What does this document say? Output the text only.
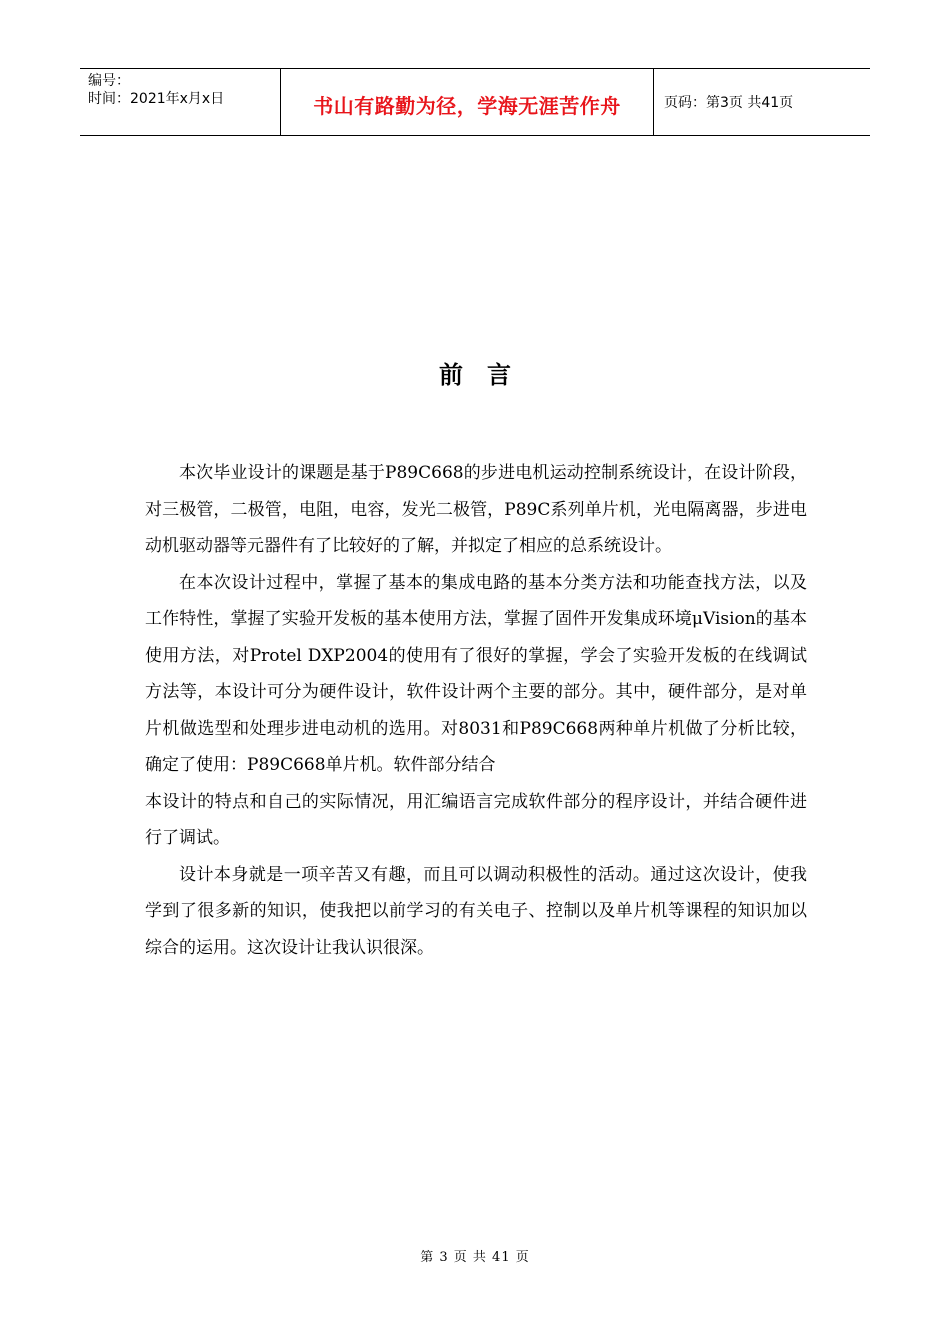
编号：
时间：2021年x月x日	书山有路勤为径，学海无涯苦作舟	页码：第3页 共41页
前言

本次毕业设计的课题是基于P89C668的步进电机运动控制系统设计，在设计阶段，对三极管，二极管，电阻，电容，发光二极管，P89C系列单片机，光电隔离器，步进电动机驱动器等元器件有了比较好的了解，并拟定了相应的总系统设计。

在本次设计过程中，掌握了基本的集成电路的基本分类方法和功能查找方法，以及工作特性，掌握了实验开发板的基本使用方法，掌握了固件开发集成环境μVision的基本使用方法，对Protel DXP2004的使用有了很好的掌握，学会了实验开发板的在线调试方法等，本设计可分为硬件设计，软件设计两个主要的部分。其中，硬件部分，是对单片机做选型和处理步进电动机的选用。对8031和P89C668两种单片机做了分析比较，确定了使用：P89C668单片机。软件部分结合

本设计的特点和自己的实际情况，用汇编语言完成软件部分的程序设计，并结合硬件进行了调试。

设计本身就是一项辛苦又有趣，而且可以调动积极性的活动。通过这次设计，使我学到了很多新的知识，使我把以前学习的有关电子、控制以及单片机等课程的知识加以综合的运用。这次设计让我认识很深。

第 3 页 共 41 页
